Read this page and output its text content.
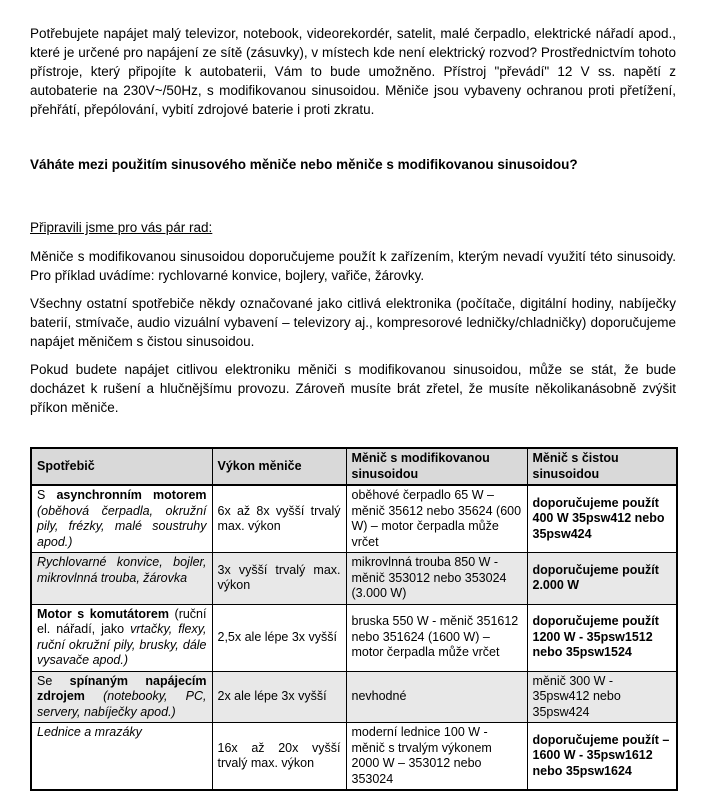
Potřebujete napájet malý televizor, notebook, videorekordér, satelit, malé čerpadlo, elektrické nářadí apod., které je určené pro napájení ze sítě (zásuvky), v místech kde není elektrický rozvod? Prostřednictvím tohoto přístroje, který připojíte k autobaterii, Vám to bude umožněno. Přístroj "převádí" 12 V ss. napětí z autobaterie na 230V~/50Hz, s modifikovanou sinusoidou. Měniče jsou vybaveny ochranou proti přetížení, přehřátí, přepólování, vybití zdrojové baterie i proti zkratu.

Váháte mezi použitím sinusového měniče nebo měniče s modifikovanou sinusoidou?

Připravili jsme pro vás pár rad:

Měniče s modifikovanou sinusoidou doporučujeme použít k zařízením, kterým nevadí využití této sinusoidy. Pro příklad uvádíme: rychlovarné konvice, bojlery, vařiče, žárovky.

Všechny ostatní spotřebiče někdy označované jako citlivá elektronika (počítače, digitální hodiny, nabíječky baterií, stmívače, audio vizuální vybavení – televizory aj., kompresorové ledničky/chladničky) doporučujeme napájet měničem s čistou sinusoidou.

Pokud budete napájet citlivou elektroniku měniči s modifikovanou sinusoidou, může se stát, že bude docházet k rušení a hlučnějšímu provozu. Zároveň musíte brát zřetel, že musíte několikanásobně zvýšit příkon měniče.

Spotřebič	Výkon měniče	Měnič s modifikovanou sinusoidou	Měnič s čistou sinusoidou
S asynchronním motorem (oběhová čerpadla, okružní pily, frézky, malé soustruhy apod.)	6x až 8x vyšší trvalý max. výkon	oběhové čerpadlo 65 W – měnič 35612 nebo 35624 (600 W) – motor čerpadla může vrčet	doporučujeme použít 400 W 35psw412 nebo 35psw424
Rychlovarné konvice, bojler, mikrovlnná trouba, žárovka	3x vyšší trvalý max. výkon	mikrovlnná trouba 850 W - měnič 353012 nebo 353024 (3.000 W)	doporučujeme použít 2.000 W
Motor s komutátorem (ruční el. nářadí, jako vrtačky, flexy, ruční okružní pily, brusky, dále vysavače apod.)	2,5x ale lépe 3x vyšší	bruska 550 W - měnič 351612 nebo 351624 (1600 W) – motor čerpadla může vrčet	doporučujeme použít 1200 W - 35psw1512 nebo 35psw1524
Se spínaným napájecím zdrojem (notebooky, PC, servery, nabíječky apod.)	2x ale lépe 3x vyšší	nevhodné	měnič 300 W - 35psw412 nebo 35psw424
Lednice a mrazáky	16x až 20x vyšší trvalý max. výkon	moderní lednice 100 W - měnič s trvalým výkonem 2000 W – 353012 nebo 353024	doporučujeme použít – 1600 W - 35psw1612 nebo 35psw1624
